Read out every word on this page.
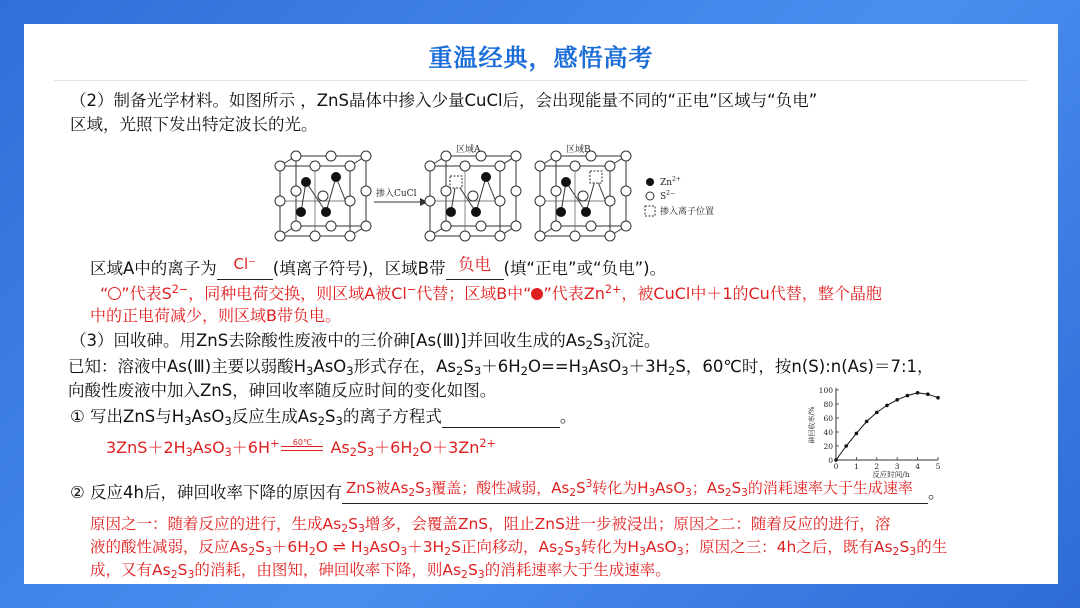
重温经典，感悟高考
（2）制备光学材料。如图所示 ，ZnS晶体中掺入少量CuCl后，会出现能量不同的“正电”区域与“负电”
区域，光照下发出特定波长的光。
掺入CuCl
区域A	区域B
$Zn^{2+}$
$S^{2-}$
掺入离子位置
区域A中的离子为 Cl⁻ (填离子符号)，区域B带 负电 (填“正电”或“负电”)。
“ ”代表$S^{2-}$，同种电荷交换，则区域A被Cl−代替；区域B中“ ”代表$Zn^{2+}$，被CuCl中＋1的Cu代替，整个晶胞
中的正电荷减少，则区域B带负电。
（3）回收砷。用ZnS去除酸性废液中的三价砷[As(Ⅲ)]并回收生成的$As_2S_3$沉淀。
已知：溶液中As(Ⅲ)主要以弱酸$H_3AsO_3$形式存在，$As_2S_3+6H_2O==H_3AsO_3+3H_2S$，60℃时，按n(S):n(As)＝7:1，
向酸性废液中加入ZnS，砷回收率随反应时间的变化如图。
① 写出ZnS与$H_3AsO_3$反应生成$As_2S_3$的离子方程式	。
$3ZnS+2H_3AsO_3+6H^+$	60℃	$As_2S_3+6H_2O+3Zn^{2+}$
0
20
40
60
80
100
0 1 2 3 4 5
反应时间/h
砷回收率/%
② 反应4h后，砷回收率下降的原因有 ZnS被$As_2S_3$覆盖；酸性减弱，$As_2S^3$转化为$H_3AsO_3$；$As_2S_3$的消耗速率大于生成速率 。
原因之一：随着反应的进行，生成$As_2S_3$增多，会覆盖ZnS，阻止ZnS进一步被浸出；原因之二：随着反应的进行，溶
液的酸性减弱，反应$As_2S_3+6H_2O$ ⇌ $H_3AsO_3+3H_2S$正向移动，$As_2S_3$转化为$H_3AsO_3$；原因之三：4h之后，既有$As_2S_3$的生
成，又有$As_2S_3$的消耗，由图知，砷回收率下降，则$As_2S_3$的消耗速率大于生成速率。
